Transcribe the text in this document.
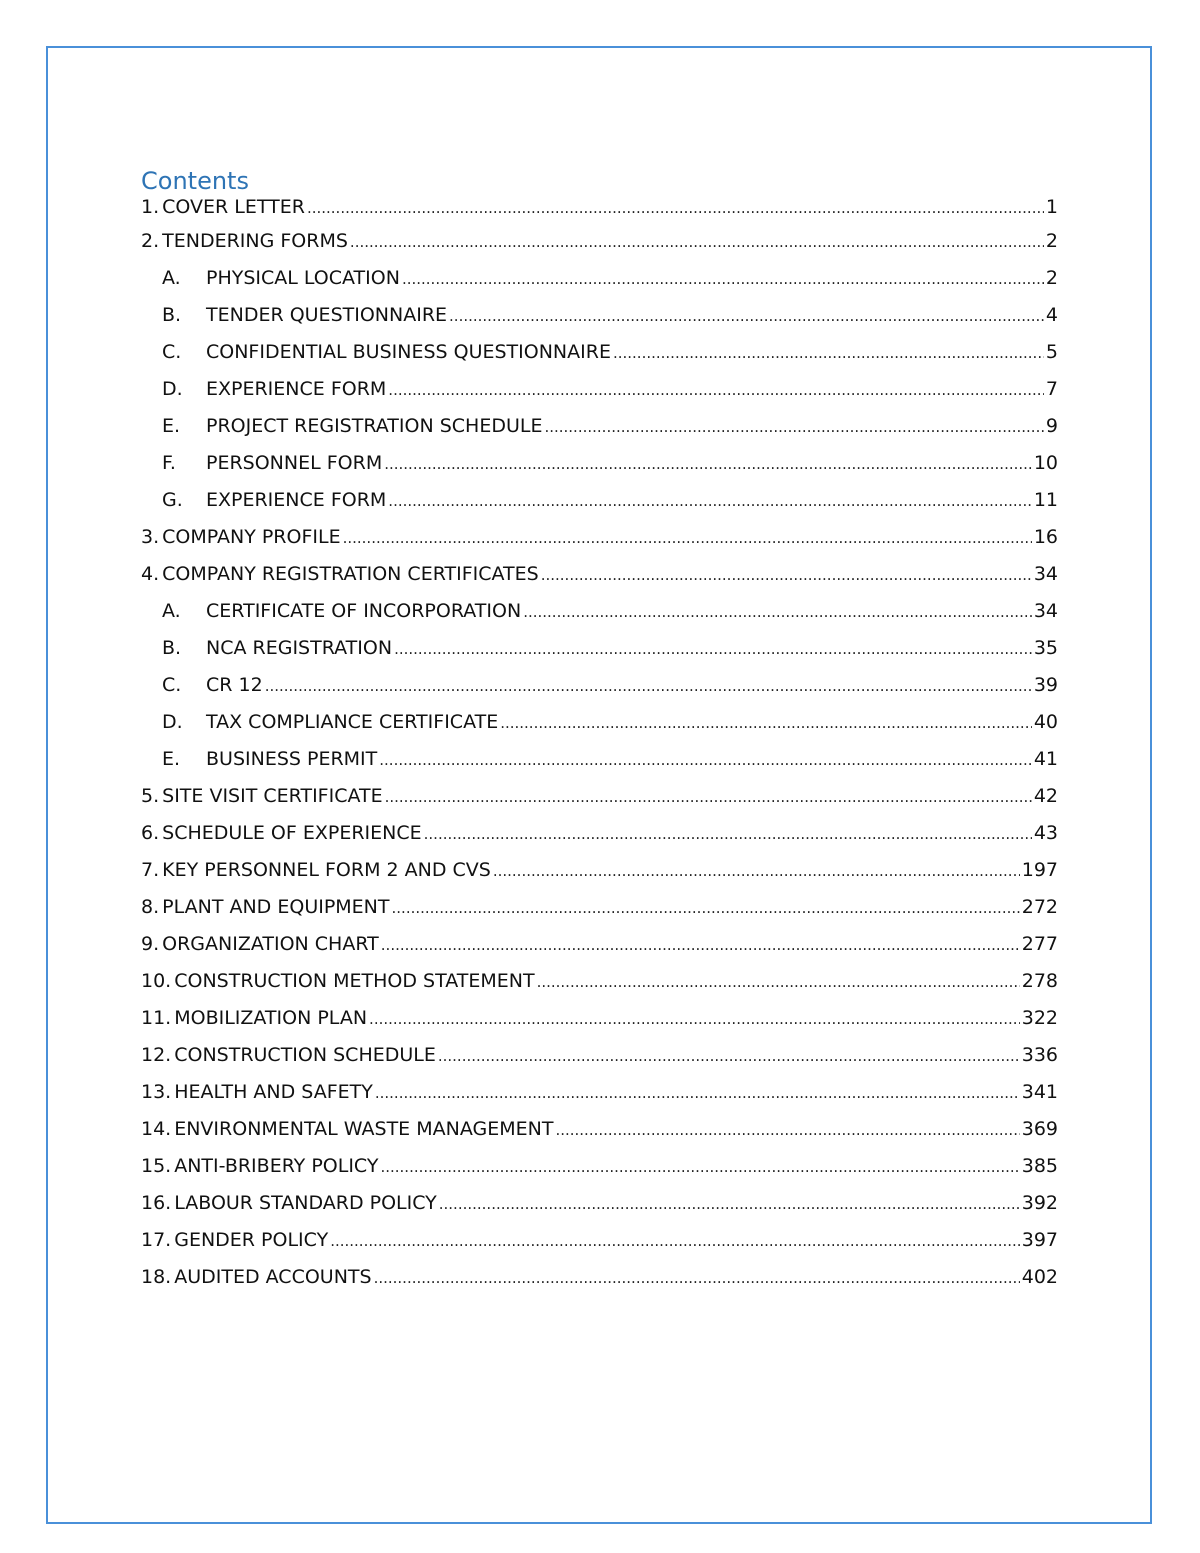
Contents
1. COVER LETTER .....	1
2. TENDERING FORMS .....	2
A.	PHYSICAL LOCATION .....	2
B.	TENDER QUESTIONNAIRE .....	4
C.	CONFIDENTIAL BUSINESS QUESTIONNAIRE .....	5
D.	EXPERIENCE FORM .....	7
E.	PROJECT REGISTRATION SCHEDULE .....	9
F.	PERSONNEL FORM .....	10
G.	EXPERIENCE FORM .....	11
3. COMPANY PROFILE .....	16
4. COMPANY REGISTRATION CERTIFICATES .....	34
A.	CERTIFICATE OF INCORPORATION .....	34
B.	NCA REGISTRATION .....	35
C.	CR 12 .....	39
D.	TAX COMPLIANCE CERTIFICATE .....	40
E.	BUSINESS PERMIT .....	41
5. SITE VISIT CERTIFICATE .....	42
6. SCHEDULE OF EXPERIENCE .....	43
7. KEY PERSONNEL FORM 2 AND CVS .....	197
8. PLANT AND EQUIPMENT .....	272
9. ORGANIZATION CHART .....	277
10. CONSTRUCTION METHOD STATEMENT .....	278
11. MOBILIZATION PLAN .....	322
12. CONSTRUCTION SCHEDULE .....	336
13. HEALTH AND SAFETY .....	341
14. ENVIRONMENTAL WASTE MANAGEMENT .....	369
15. ANTI-BRIBERY POLICY .....	385
16. LABOUR STANDARD POLICY .....	392
17. GENDER POLICY .....	397
18. AUDITED ACCOUNTS .....	402
